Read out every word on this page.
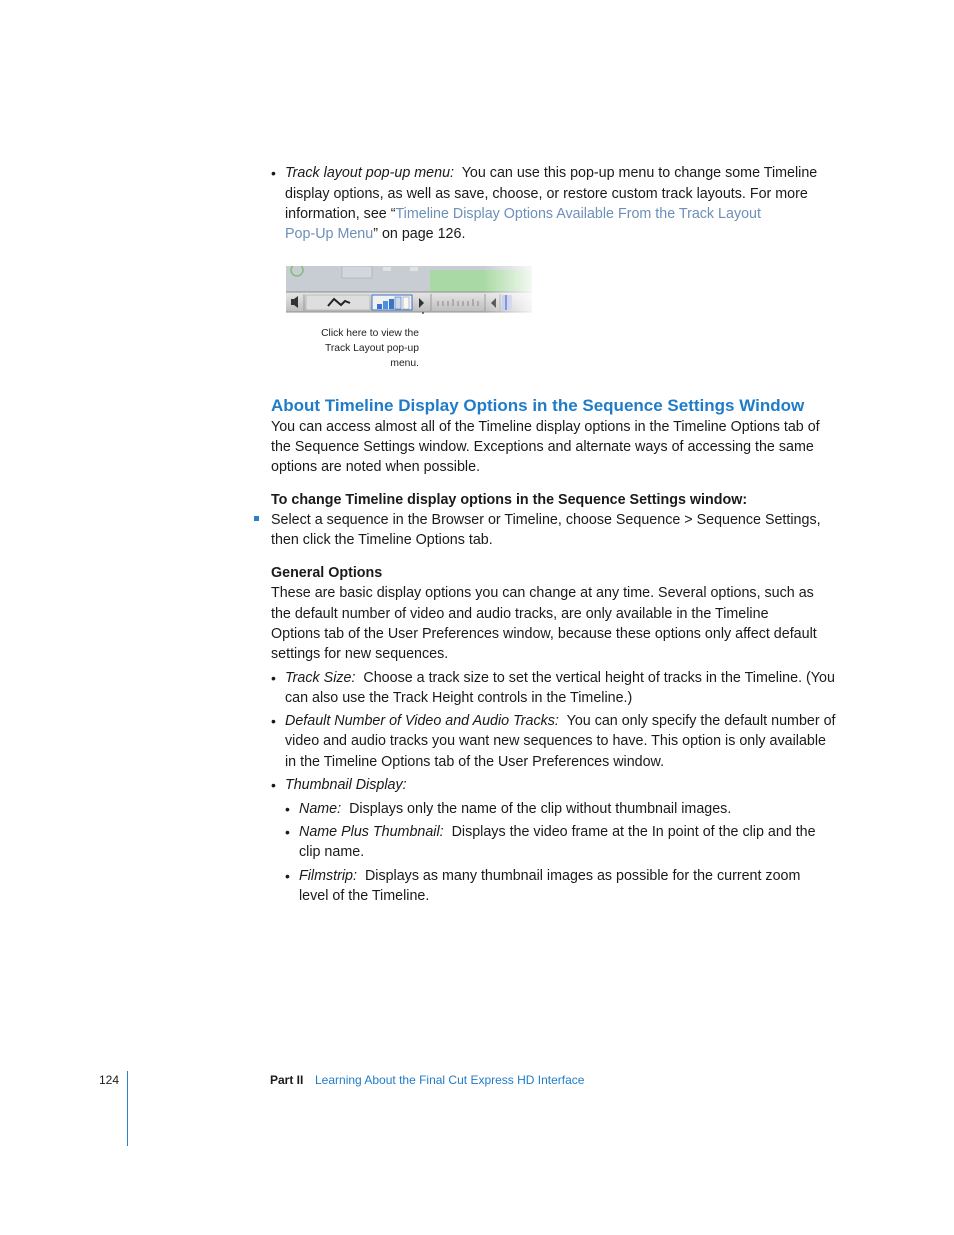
• Track layout pop-up menu: You can use this pop-up menu to change some Timeline
display options, as well as save, choose, or restore custom track layouts. For more
information, see “Timeline Display Options Available From the Track Layout
Pop-Up Menu” on page 126.
Click here to view the
Track Layout pop-up
menu.
About Timeline Display Options in the Sequence Settings Window
You can access almost all of the Timeline display options in the Timeline Options tab of
the Sequence Settings window. Exceptions and alternate ways of accessing the same
options are noted when possible.
To change Timeline display options in the Sequence Settings window:
Select a sequence in the Browser or Timeline, choose Sequence > Sequence Settings,
then click the Timeline Options tab.
General Options
These are basic display options you can change at any time. Several options, such as
the default number of video and audio tracks, are only available in the Timeline
Options tab of the User Preferences window, because these options only affect default
settings for new sequences.
• Track Size: Choose a track size to set the vertical height of tracks in the Timeline. (You
can also use the Track Height controls in the Timeline.)
• Default Number of Video and Audio Tracks: You can only specify the default number of
video and audio tracks you want new sequences to have. This option is only available
in the Timeline Options tab of the User Preferences window.
• Thumbnail Display:
• Name: Displays only the name of the clip without thumbnail images.
• Name Plus Thumbnail: Displays the video frame at the In point of the clip and the
clip name.
• Filmstrip: Displays as many thumbnail images as possible for the current zoom
level of the Timeline.
124	Part II Learning About the Final Cut Express HD Interface
